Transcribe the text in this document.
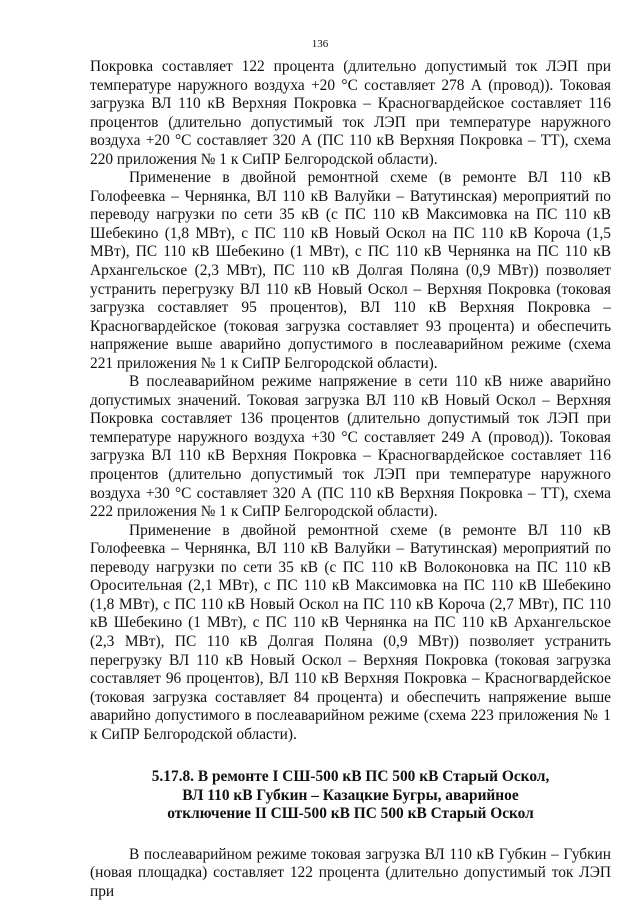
136

Покровка составляет 122 процента (длительно допустимый ток ЛЭП при температуре наружного воздуха +20 °С составляет 278 А (провод)). Токовая загрузка ВЛ 110 кВ Верхняя Покровка – Красногвардейское составляет 116 процентов (длительно допустимый ток ЛЭП при температуре наружного воздуха +20 °С составляет 320 А (ПС 110 кВ Верхняя Покровка – ТТ), схема 220 приложения № 1 к СиПР Белгородской области).

Применение в двойной ремонтной схеме (в ремонте ВЛ 110 кВ Голофеевка – Чернянка, ВЛ 110 кВ Валуйки – Ватутинская) мероприятий по переводу нагрузки по сети 35 кВ (с ПС 110 кВ Максимовка на ПС 110 кВ Шебекино (1,8 МВт), с ПС 110 кВ Новый Оскол на ПС 110 кВ Короча (1,5 МВт), ПС 110 кВ Шебекино (1 МВт), с ПС 110 кВ Чернянка на ПС 110 кВ Архангельское (2,3 МВт), ПС 110 кВ Долгая Поляна (0,9 МВт)) позволяет устранить перегрузку ВЛ 110 кВ Новый Оскол – Верхняя Покровка (токовая загрузка составляет 95 процентов), ВЛ 110 кВ Верхняя Покровка – Красногвардейское (токовая загрузка составляет 93 процента) и обеспечить напряжение выше аварийно допустимого в послеаварийном режиме (схема 221 приложения № 1 к СиПР Белгородской области).

В послеаварийном режиме напряжение в сети 110 кВ ниже аварийно допустимых значений. Токовая загрузка ВЛ 110 кВ Новый Оскол – Верхняя Покровка составляет 136 процентов (длительно допустимый ток ЛЭП при температуре наружного воздуха +30 °С составляет 249 А (провод)). Токовая загрузка ВЛ 110 кВ Верхняя Покровка – Красногвардейское составляет 116 процентов (длительно допустимый ток ЛЭП при температуре наружного воздуха +30 °С составляет 320 А (ПС 110 кВ Верхняя Покровка – ТТ), схема 222 приложения № 1 к СиПР Белгородской области).

Применение в двойной ремонтной схеме (в ремонте ВЛ 110 кВ Голофеевка – Чернянка, ВЛ 110 кВ Валуйки – Ватутинская) мероприятий по переводу нагрузки по сети 35 кВ (с ПС 110 кВ Волоконовка на ПС 110 кВ Оросительная (2,1 МВт), с ПС 110 кВ Максимовка на ПС 110 кВ Шебекино (1,8 МВт), с ПС 110 кВ Новый Оскол на ПС 110 кВ Короча (2,7 МВт), ПС 110 кВ Шебекино (1 МВт), с ПС 110 кВ Чернянка на ПС 110 кВ Архангельское (2,3 МВт), ПС 110 кВ Долгая Поляна (0,9 МВт)) позволяет устранить перегрузку ВЛ 110 кВ Новый Оскол – Верхняя Покровка (токовая загрузка составляет 96 процентов), ВЛ 110 кВ Верхняя Покровка – Красногвардейское (токовая загрузка составляет 84 процента) и обеспечить напряжение выше аварийно допустимого в послеаварийном режиме (схема 223 приложения № 1 к СиПР Белгородской области).

5.17.8. В ремонте I СШ-500 кВ ПС 500 кВ Старый Оскол,
ВЛ 110 кВ Губкин – Казацкие Бугры, аварийное
отключение II СШ-500 кВ ПС 500 кВ Старый Оскол

В послеаварийном режиме токовая загрузка ВЛ 110 кВ Губкин – Губкин (новая площадка) составляет 122 процента (длительно допустимый ток ЛЭП при
